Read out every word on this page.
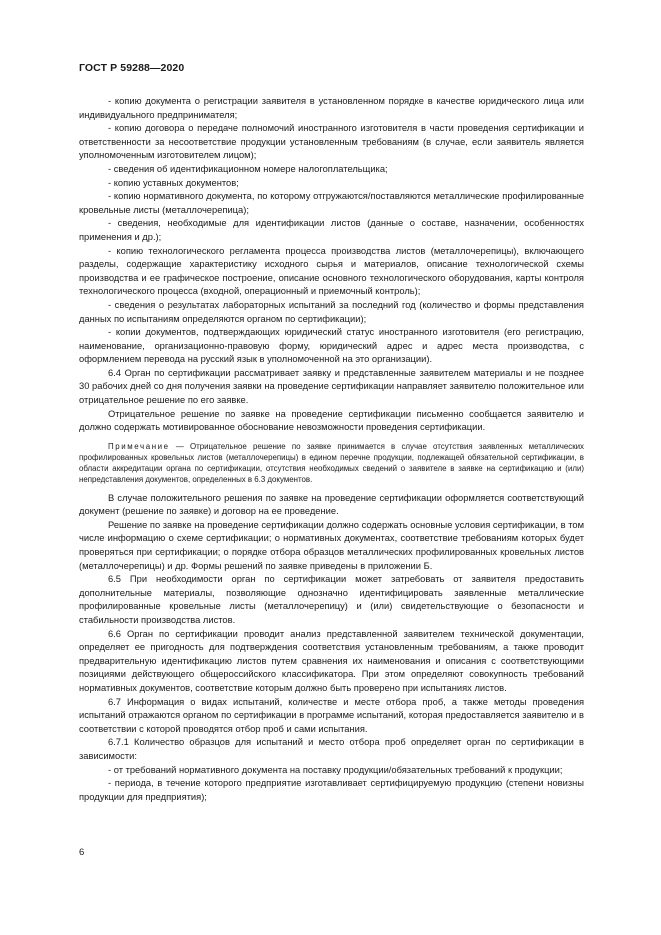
ГОСТ Р 59288—2020

- копию документа о регистрации заявителя в установленном порядке в качестве юридического лица или индивидуального предпринимателя;

- копию договора о передаче полномочий иностранного изготовителя в части проведения сертификации и ответственности за несоответствие продукции установленным требованиям (в случае, если заявитель является уполномоченным изготовителем лицом);

- сведения об идентификационном номере налогоплательщика;

- копию уставных документов;

- копию нормативного документа, по которому отгружаются/поставляются металлические профилированные кровельные листы (металлочерепица);

- сведения, необходимые для идентификации листов (данные о составе, назначении, особенностях применения и др.);

- копию технологического регламента процесса производства листов (металлочерепицы), включающего разделы, содержащие характеристику исходного сырья и материалов, описание технологической схемы производства и ее графическое построение, описание основного технологического оборудования, карты контроля технологического процесса (входной, операционный и приемочный контроль);

- сведения о результатах лабораторных испытаний за последний год (количество и формы представления данных по испытаниям определяются органом по сертификации);

- копии документов, подтверждающих юридический статус иностранного изготовителя (его регистрацию, наименование, организационно-правовую форму, юридический адрес и адрес места производства, с оформлением перевода на русский язык в уполномоченной на это организации).

6.4 Орган по сертификации рассматривает заявку и представленные заявителем материалы и не позднее 30 рабочих дней со дня получения заявки на проведение сертификации направляет заявителю положительное или отрицательное решение по его заявке.

Отрицательное решение по заявке на проведение сертификации письменно сообщается заявителю и должно содержать мотивированное обоснование невозможности проведения сертификации.

Примечание — Отрицательное решение по заявке принимается в случае отсутствия заявленных металлических профилированных кровельных листов (металлочерепицы) в едином перечне продукции, подлежащей обязательной сертификации, в области аккредитации органа по сертификации, отсутствия необходимых сведений о заявителе в заявке на сертификацию и (или) непредставления документов, определенных в 6.3 документов.

В случае положительного решения по заявке на проведение сертификации оформляется соответствующий документ (решение по заявке) и договор на ее проведение.

Решение по заявке на проведение сертификации должно содержать основные условия сертификации, в том числе информацию о схеме сертификации; о нормативных документах, соответствие требованиям которых будет проверяться при сертификации; о порядке отбора образцов металлических профилированных кровельных листов (металлочерепицы) и др. Формы решений по заявке приведены в приложении Б.

6.5 При необходимости орган по сертификации может затребовать от заявителя предоставить дополнительные материалы, позволяющие однозначно идентифицировать заявленные металлические профилированные кровельные листы (металлочерепицу) и (или) свидетельствующие о безопасности и стабильности производства листов.

6.6 Орган по сертификации проводит анализ представленной заявителем технической документации, определяет ее пригодность для подтверждения соответствия установленным требованиям, а также проводит предварительную идентификацию листов путем сравнения их наименования и описания с соответствующими позициями действующего общероссийского классификатора. При этом определяют совокупность требований нормативных документов, соответствие которым должно быть проверено при испытаниях листов.

6.7 Информация о видах испытаний, количестве и месте отбора проб, а также методы проведения испытаний отражаются органом по сертификации в программе испытаний, которая предоставляется заявителю и в соответствии с которой проводятся отбор проб и сами испытания.

6.7.1 Количество образцов для испытаний и место отбора проб определяет орган по сертификации в зависимости:

- от требований нормативного документа на поставку продукции/обязательных требований к продукции;

- периода, в течение которого предприятие изготавливает сертифицируемую продукцию (степени новизны продукции для предприятия);

6
